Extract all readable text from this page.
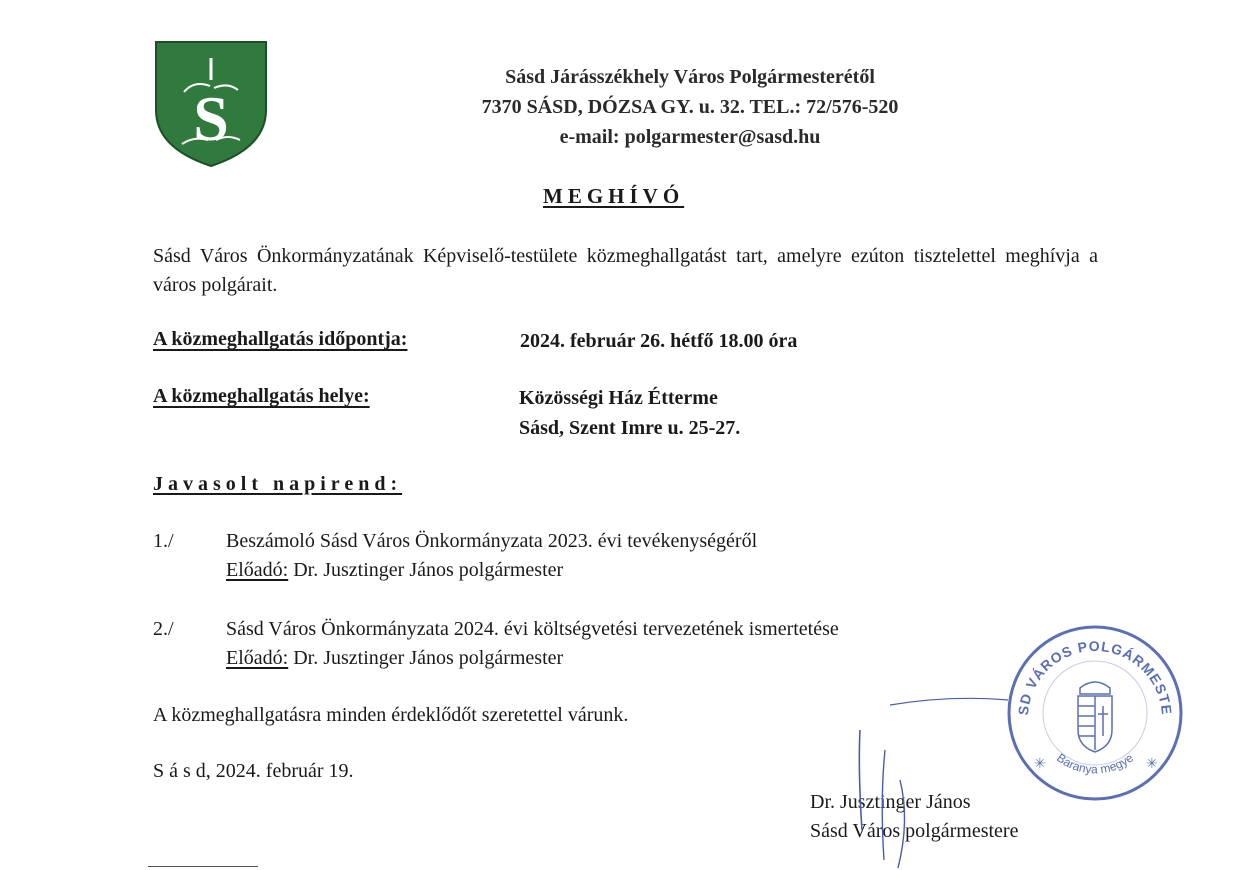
S
Sásd Járásszékhely Város Polgármesterétől
7370 SÁSD, DÓZSA GY. u. 32. TEL.: 72/576-520
e-mail: polgarmester@sasd.hu
MEGHÍVÓ
Sásd Város Önkormányzatának Képviselő-testülete közmeghallgatást tart, amelyre ezúton tisztelettel meghívja a város polgárait.
A közmeghallgatás időpontja:	2024. február 26. hétfő 18.00 óra
A közmeghallgatás helye:	Közösségi Ház Étterme
Sásd, Szent Imre u. 25-27.
Javasolt napirend:
1./	Beszámoló Sásd Város Önkormányzata 2023. évi tevékenységéről
Előadó: Dr. Jusztinger János polgármester
2./	Sásd Város Önkormányzata 2024. évi költségvetési tervezetének ismertetése
Előadó: Dr. Jusztinger János polgármester
A közmeghallgatásra minden érdeklődőt szeretettel várunk.
S á s d, 2024. február 19.
Dr. Jusztinger János
Sásd Város polgármestere
SD VÁROS POLGÁRMESTE
Baranya megye
✳	✳
